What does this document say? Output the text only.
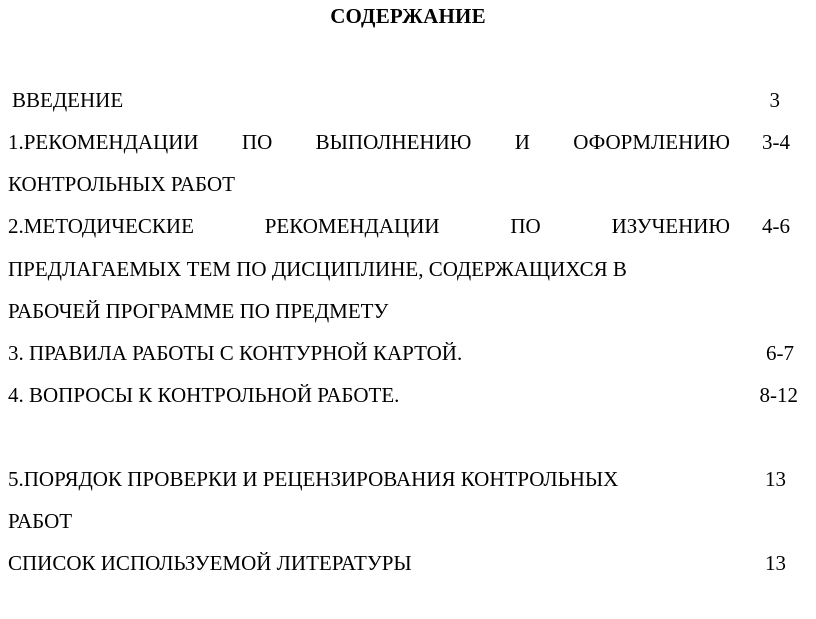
СОДЕРЖАНИЕ
ВВЕДЕНИЕ	3
1.РЕКОМЕНДАЦИИ ПО ВЫПОЛНЕНИЮ И ОФОРМЛЕНИЮ	3-4
КОНТРОЛЬНЫХ РАБОТ
2.МЕТОДИЧЕСКИЕ РЕКОМЕНДАЦИИ ПО ИЗУЧЕНИЮ	4-6
ПРЕДЛАГАЕМЫХ ТЕМ ПО ДИСЦИПЛИНЕ, СОДЕРЖАЩИХСЯ В
РАБОЧЕЙ ПРОГРАММЕ ПО ПРЕДМЕТУ
3. ПРАВИЛА РАБОТЫ С КОНТУРНОЙ КАРТОЙ.	6-7
4. ВОПРОСЫ К КОНТРОЛЬНОЙ РАБОТЕ.	8-12
5.ПОРЯДОК ПРОВЕРКИ И РЕЦЕНЗИРОВАНИЯ КОНТРОЛЬНЫХ	13
РАБОТ
СПИСОК ИСПОЛЬЗУЕМОЙ ЛИТЕРАТУРЫ	13
